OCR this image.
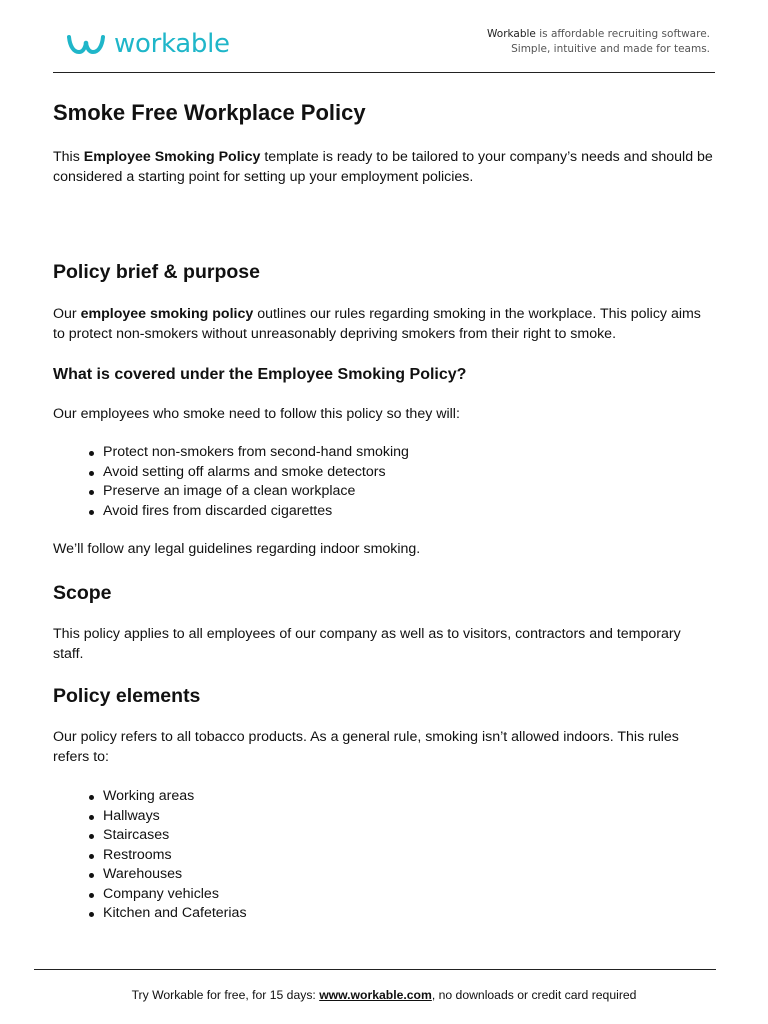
workable	Workable is affordable recruiting software.
Simple, intuitive and made for teams.
Smoke Free Workplace Policy

This Employee Smoking Policy template is ready to be tailored to your company’s needs and should be considered a starting point for setting up your employment policies.

Policy brief & purpose

Our employee smoking policy outlines our rules regarding smoking in the workplace. This policy aims to protect non-smokers without unreasonably depriving smokers from their right to smoke.

What is covered under the Employee Smoking Policy?

Our employees who smoke need to follow this policy so they will:

Protect non-smokers from second-hand smoking
Avoid setting off alarms and smoke detectors
Preserve an image of a clean workplace
Avoid fires from discarded cigarettes

We’ll follow any legal guidelines regarding indoor smoking.

Scope

This policy applies to all employees of our company as well as to visitors, contractors and temporary staff.

Policy elements

Our policy refers to all tobacco products. As a general rule, smoking isn’t allowed indoors. This rules refers to:

Working areas
Hallways
Staircases
Restrooms
Warehouses
Company vehicles
Kitchen and Cafeterias
Try Workable for free, for 15 days: www.workable.com, no downloads or credit card required
